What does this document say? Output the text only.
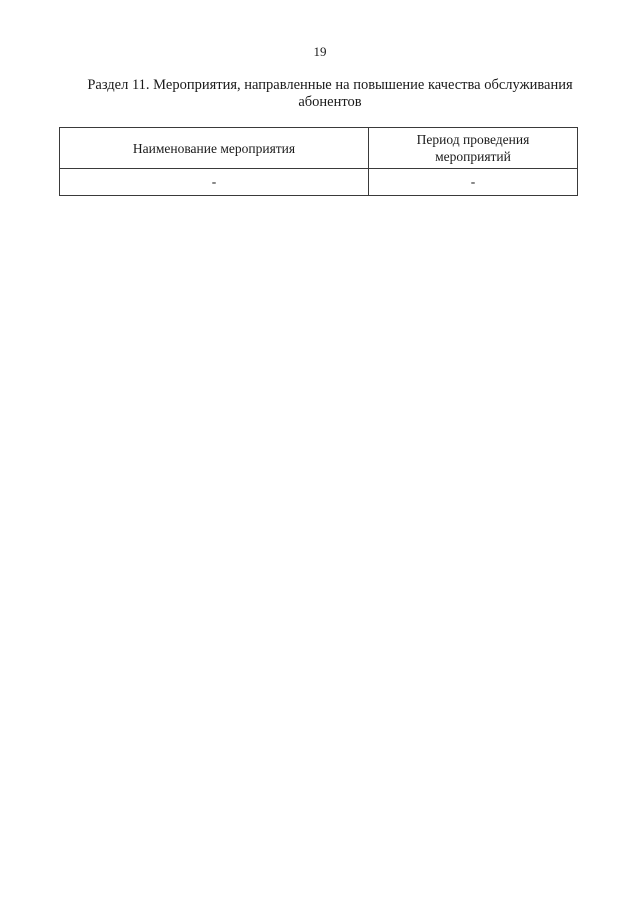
19
Раздел 11. Мероприятия, направленные на повышение качества обслуживания
абонентов
Наименование мероприятия	Период проведения
мероприятий

-	-
